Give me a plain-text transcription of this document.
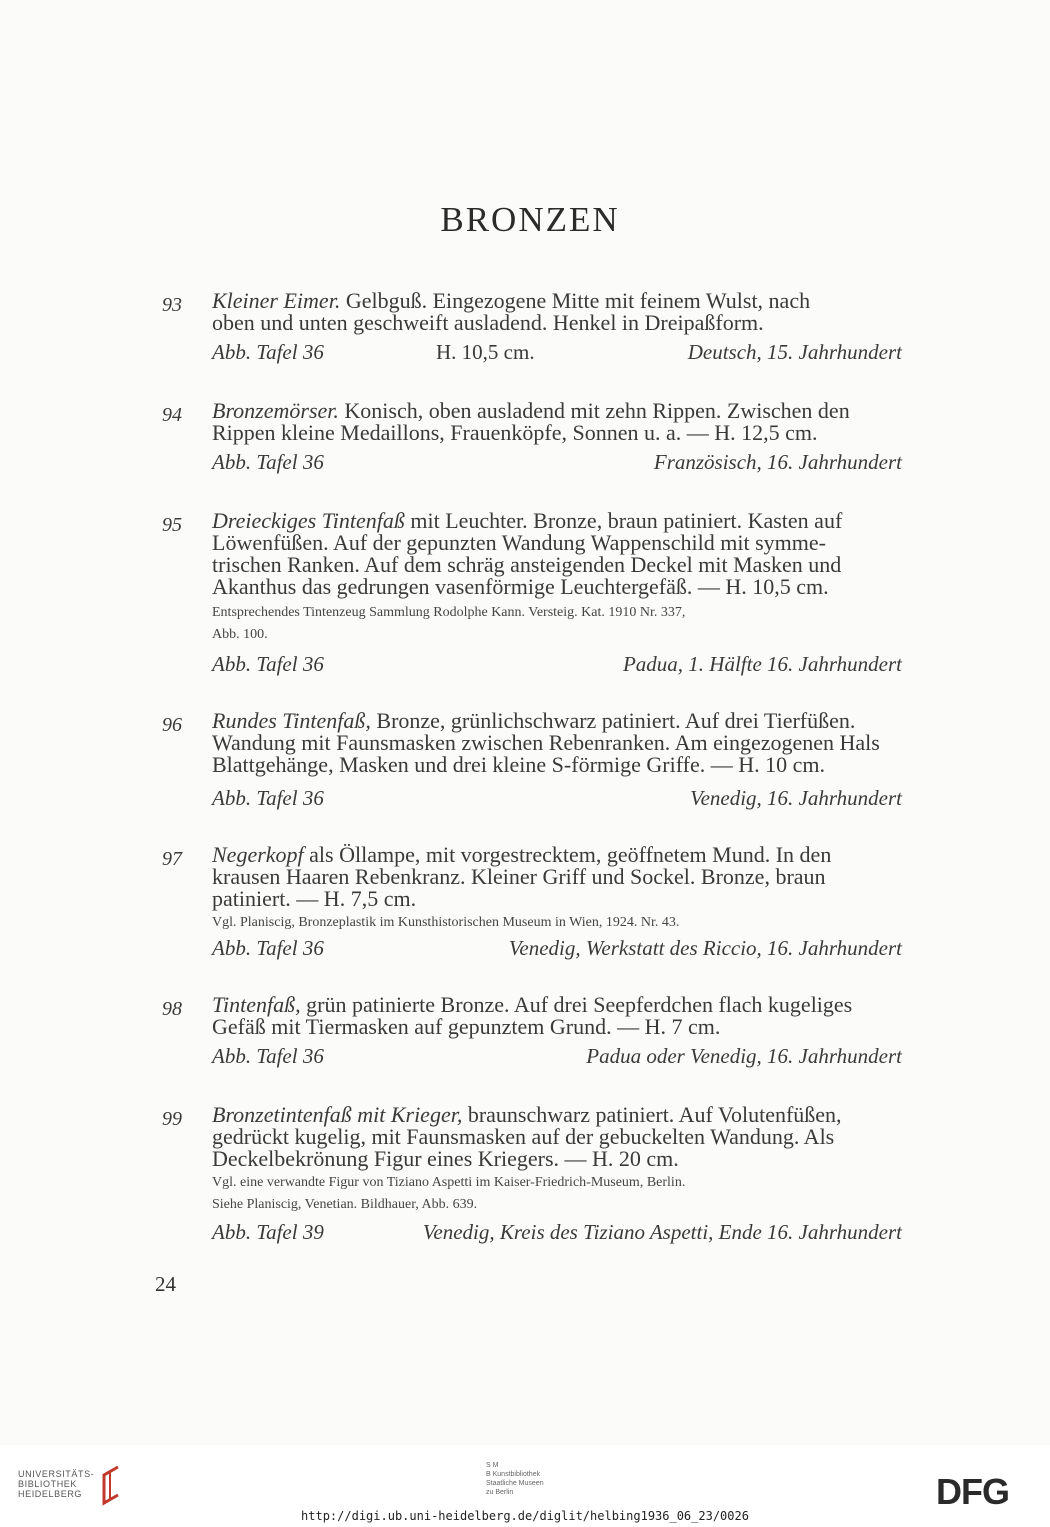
BRONZEN
93 Kleiner Eimer. Gelbguß. Eingezogene Mitte mit feinem Wulst, nach
oben und unten geschweift ausladend. Henkel in Dreipaßform.
Abb. Tafel 36	H. 10,5 cm.	Deutsch, 15. Jahrhundert
94 Bronzemörser. Konisch, oben ausladend mit zehn Rippen. Zwischen den
Rippen kleine Medaillons, Frauenköpfe, Sonnen u. a. — H. 12,5 cm.
Abb. Tafel 36	Französisch, 16. Jahrhundert
95 Dreieckiges Tintenfaß mit Leuchter. Bronze, braun patiniert. Kasten auf
Löwenfüßen. Auf der gepunzten Wandung Wappenschild mit symme-
trischen Ranken. Auf dem schräg ansteigenden Deckel mit Masken und
Akanthus das gedrungen vasenförmige Leuchtergefäß. — H. 10,5 cm.
Entsprechendes Tintenzeug Sammlung Rodolphe Kann. Versteig. Kat. 1910 Nr. 337,
Abb. 100.
Abb. Tafel 36	Padua, 1. Hälfte 16. Jahrhundert
96 Rundes Tintenfaß, Bronze, grünlichschwarz patiniert. Auf drei Tierfüßen.
Wandung mit Faunsmasken zwischen Rebenranken. Am eingezogenen Hals
Blattgehänge, Masken und drei kleine S-förmige Griffe. — H. 10 cm.
Abb. Tafel 36	Venedig, 16. Jahrhundert
97 Negerkopf als Öllampe, mit vorgestrecktem, geöffnetem Mund. In den
krausen Haaren Rebenkranz. Kleiner Griff und Sockel. Bronze, braun
patiniert. — H. 7,5 cm.
Vgl. Planiscig, Bronzeplastik im Kunsthistorischen Museum in Wien, 1924. Nr. 43.
Abb. Tafel 36	Venedig, Werkstatt des Riccio, 16. Jahrhundert
98 Tintenfaß, grün patinierte Bronze. Auf drei Seepferdchen flach kugeliges
Gefäß mit Tiermasken auf gepunztem Grund. — H. 7 cm.
Abb. Tafel 36	Padua oder Venedig, 16. Jahrhundert
99 Bronzetintenfaß mit Krieger, braunschwarz patiniert. Auf Volutenfüßen,
gedrückt kugelig, mit Faunsmasken auf der gebuckelten Wandung. Als
Deckelbekrönung Figur eines Kriegers. — H. 20 cm.
Vgl. eine verwandte Figur von Tiziano Aspetti im Kaiser-Friedrich-Museum, Berlin.
Siehe Planiscig, Venetian. Bildhauer, Abb. 639.
Abb. Tafel 39	Venedig, Kreis des Tiziano Aspetti, Ende 16. Jahrhundert
24
UNIVERSITÄTS-
BIBLIOTHEK
HEIDELBERG
S M
B Kunstbibliothek
Staatliche Museen
zu Berlin	DFG
http://digi.ub.uni-heidelberg.de/diglit/helbing1936_06_23/0026
